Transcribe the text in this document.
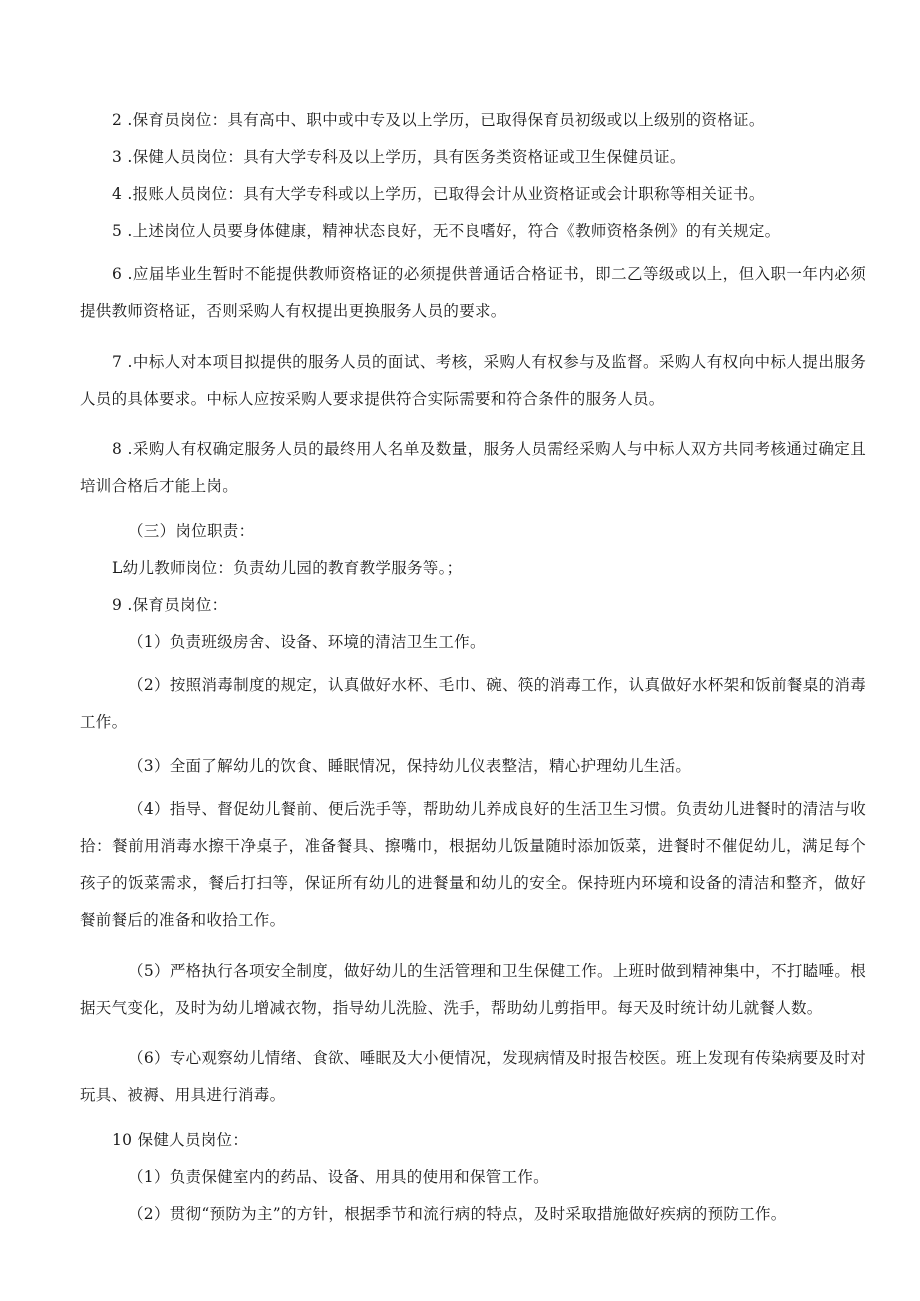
2 .保育员岗位：具有高中、职中或中专及以上学历，已取得保育员初级或以上级别的资格证。

3 .保健人员岗位：具有大学专科及以上学历，具有医务类资格证或卫生保健员证。

4 .报账人员岗位：具有大学专科或以上学历，已取得会计从业资格证或会计职称等相关证书。

5 .上述岗位人员要身体健康，精神状态良好，无不良嗜好，符合《教师资格条例》的有关规定。

6 .应届毕业生暂时不能提供教师资格证的必须提供普通话合格证书，即二乙等级或以上，但入职一年内必须提供教师资格证，否则采购人有权提出更换服务人员的要求。

7 .中标人对本项目拟提供的服务人员的面试、考核，采购人有权参与及监督。采购人有权向中标人提出服务人员的具体要求。中标人应按采购人要求提供符合实际需要和符合条件的服务人员。

8 .采购人有权确定服务人员的最终用人名单及数量，服务人员需经采购人与中标人双方共同考核通过确定且培训合格后才能上岗。

（三）岗位职责：

L幼儿教师岗位：负责幼儿园的教育教学服务等。；

9 .保育员岗位：

（1）负责班级房舍、设备、环境的清洁卫生工作。

（2）按照消毒制度的规定，认真做好水杯、毛巾、碗、筷的消毒工作，认真做好水杯架和饭前餐桌的消毒工作。

（3）全面了解幼儿的饮食、睡眠情况，保持幼儿仪表整洁，精心护理幼儿生活。

（4）指导、督促幼儿餐前、便后洗手等，帮助幼儿养成良好的生活卫生习惯。负责幼儿进餐时的清洁与收拾：餐前用消毒水擦干净桌子，准备餐具、擦嘴巾，根据幼儿饭量随时添加饭菜，进餐时不催促幼儿，满足每个孩子的饭菜需求，餐后打扫等，保证所有幼儿的进餐量和幼儿的安全。保持班内环境和设备的清洁和整齐，做好餐前餐后的准备和收拾工作。

（5）严格执行各项安全制度，做好幼儿的生活管理和卫生保健工作。上班时做到精神集中，不打瞌唾。根据天气变化，及时为幼儿增减衣物，指导幼儿洗脸、洗手，帮助幼儿剪指甲。每天及时统计幼儿就餐人数。

（6）专心观察幼儿情绪、食欲、唾眠及大小便情况，发现病情及时报告校医。班上发现有传染病要及时对玩具、被褥、用具进行消毒。

10 保健人员岗位：

（1）负责保健室内的药品、设备、用具的使用和保管工作。

（2）贯彻“预防为主”的方针，根据季节和流行病的特点，及时采取措施做好疾病的预防工作。
